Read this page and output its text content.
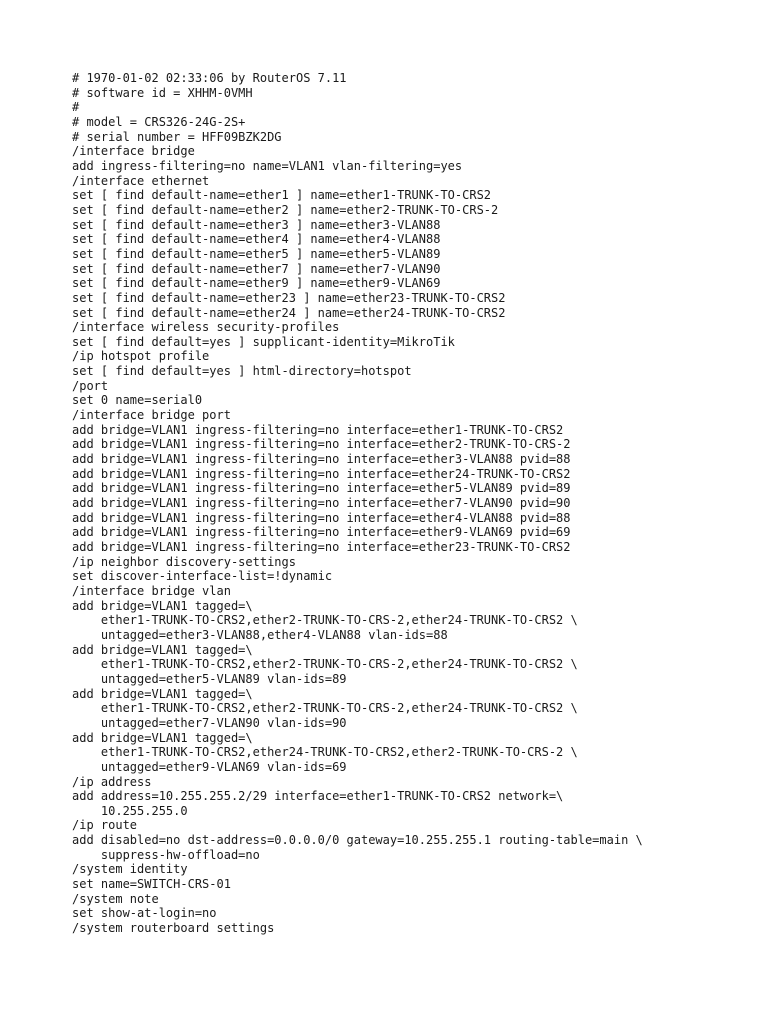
# 1970-01-02 02:33:06 by RouterOS 7.11
# software id = XHHM-0VMH
#
# model = CRS326-24G-2S+
# serial number = HFF09BZK2DG
/interface bridge
add ingress-filtering=no name=VLAN1 vlan-filtering=yes
/interface ethernet
set [ find default-name=ether1 ] name=ether1-TRUNK-TO-CRS2
set [ find default-name=ether2 ] name=ether2-TRUNK-TO-CRS-2
set [ find default-name=ether3 ] name=ether3-VLAN88
set [ find default-name=ether4 ] name=ether4-VLAN88
set [ find default-name=ether5 ] name=ether5-VLAN89
set [ find default-name=ether7 ] name=ether7-VLAN90
set [ find default-name=ether9 ] name=ether9-VLAN69
set [ find default-name=ether23 ] name=ether23-TRUNK-TO-CRS2
set [ find default-name=ether24 ] name=ether24-TRUNK-TO-CRS2
/interface wireless security-profiles
set [ find default=yes ] supplicant-identity=MikroTik
/ip hotspot profile
set [ find default=yes ] html-directory=hotspot
/port
set 0 name=serial0
/interface bridge port
add bridge=VLAN1 ingress-filtering=no interface=ether1-TRUNK-TO-CRS2
add bridge=VLAN1 ingress-filtering=no interface=ether2-TRUNK-TO-CRS-2
add bridge=VLAN1 ingress-filtering=no interface=ether3-VLAN88 pvid=88
add bridge=VLAN1 ingress-filtering=no interface=ether24-TRUNK-TO-CRS2
add bridge=VLAN1 ingress-filtering=no interface=ether5-VLAN89 pvid=89
add bridge=VLAN1 ingress-filtering=no interface=ether7-VLAN90 pvid=90
add bridge=VLAN1 ingress-filtering=no interface=ether4-VLAN88 pvid=88
add bridge=VLAN1 ingress-filtering=no interface=ether9-VLAN69 pvid=69
add bridge=VLAN1 ingress-filtering=no interface=ether23-TRUNK-TO-CRS2
/ip neighbor discovery-settings
set discover-interface-list=!dynamic
/interface bridge vlan
add bridge=VLAN1 tagged=\
ether1-TRUNK-TO-CRS2,ether2-TRUNK-TO-CRS-2,ether24-TRUNK-TO-CRS2 \
untagged=ether3-VLAN88,ether4-VLAN88 vlan-ids=88
add bridge=VLAN1 tagged=\
ether1-TRUNK-TO-CRS2,ether2-TRUNK-TO-CRS-2,ether24-TRUNK-TO-CRS2 \
untagged=ether5-VLAN89 vlan-ids=89
add bridge=VLAN1 tagged=\
ether1-TRUNK-TO-CRS2,ether2-TRUNK-TO-CRS-2,ether24-TRUNK-TO-CRS2 \
untagged=ether7-VLAN90 vlan-ids=90
add bridge=VLAN1 tagged=\
ether1-TRUNK-TO-CRS2,ether24-TRUNK-TO-CRS2,ether2-TRUNK-TO-CRS-2 \
untagged=ether9-VLAN69 vlan-ids=69
/ip address
add address=10.255.255.2/29 interface=ether1-TRUNK-TO-CRS2 network=\
10.255.255.0
/ip route
add disabled=no dst-address=0.0.0.0/0 gateway=10.255.255.1 routing-table=main \
suppress-hw-offload=no
/system identity
set name=SWITCH-CRS-01
/system note
set show-at-login=no
/system routerboard settings
